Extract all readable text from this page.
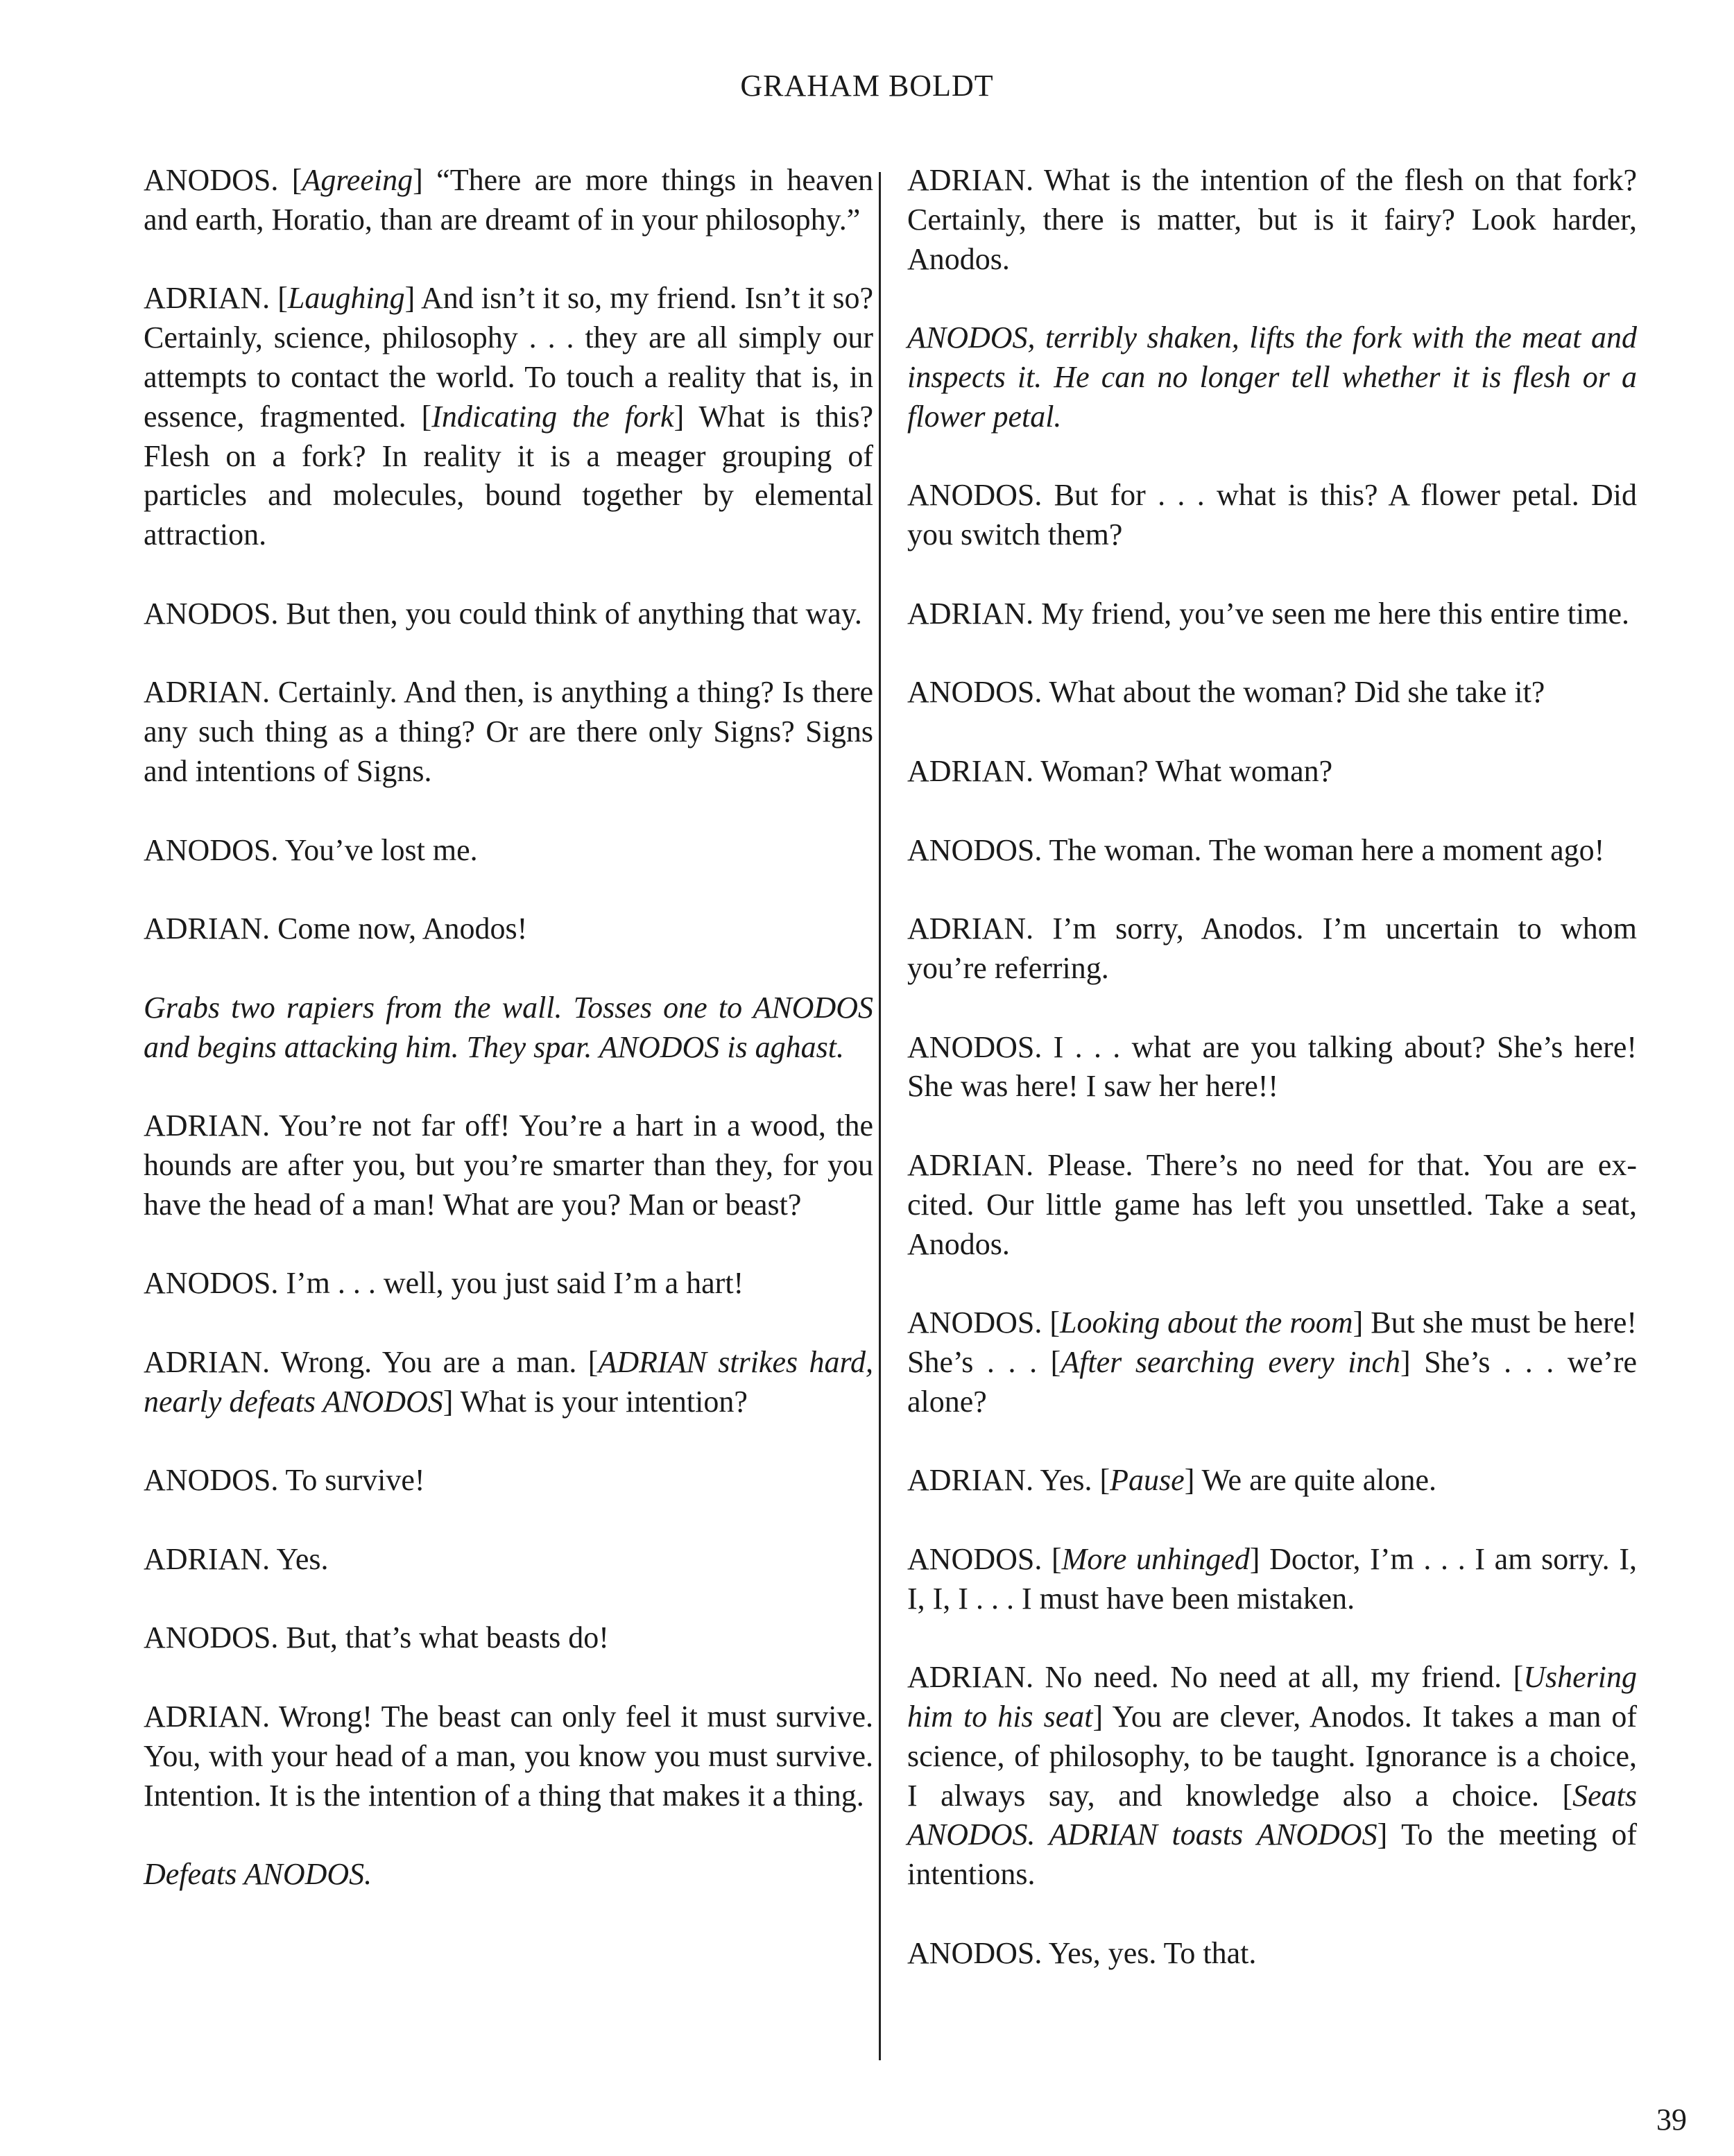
GRAHAM BOLDT

ANODOS. [Agreeing] “There are more things in heaven and earth, Horatio, than are dreamt of in your philosophy.”

ADRIAN. [Laughing] And isn’t it so, my friend. Isn’t it so? Certainly, science, philosophy . . . they are all simply our attempts to contact the world. To touch a reality that is, in essence, fragmented. [Indicating the fork] What is this? Flesh on a fork? In reality it is a meager grouping of particles and molecules, bound together by elemental attraction.

ANODOS. But then, you could think of anything that way.

ADRIAN. Certainly. And then, is anything a thing? Is there any such thing as a thing? Or are there only Signs? Signs and intentions of Signs.

ANODOS. You’ve lost me.

ADRIAN. Come now, Anodos!

Grabs two rapiers from the wall. Tosses one to ANODOS and begins attacking him. They spar. ANODOS is aghast.

ADRIAN. You’re not far off! You’re a hart in a wood, the hounds are after you, but you’re smarter than they, for you have the head of a man! What are you? Man or beast?

ANODOS. I’m . . . well, you just said I’m a hart!

ADRIAN. Wrong. You are a man. [ADRIAN strikes hard, nearly defeats ANODOS] What is your intention?

ANODOS. To survive!

ADRIAN. Yes.

ANODOS. But, that’s what beasts do!

ADRIAN. Wrong! The beast can only feel it must survive. You, with your head of a man, you know you must survive. Intention. It is the intention of a thing that makes it a thing.

Defeats ANODOS.

ADRIAN. What is the intention of the flesh on that fork? Certainly, there is matter, but is it fairy? Look harder, Anodos.

ANODOS, terribly shaken, lifts the fork with the meat and inspects it. He can no longer tell whether it is flesh or a flower petal.

ANODOS. But for . . . what is this? A flower petal. Did you switch them?

ADRIAN. My friend, you’ve seen me here this entire time.

ANODOS. What about the woman? Did she take it?

ADRIAN. Woman? What woman?

ANODOS. The woman. The woman here a moment ago!

ADRIAN. I’m sorry, Anodos. I’m uncertain to whom you’re referring.

ANODOS. I . . . what are you talking about? She’s here! She was here! I saw her here!!

ADRIAN. Please. There’s no need for that. You are excited. Our little game has left you unsettled. Take a seat, Anodos.

ANODOS. [Looking about the room] But she must be here! She’s . . . [After searching every inch] She’s . . . we’re alone?

ADRIAN. Yes. [Pause] We are quite alone.

ANODOS. [More unhinged] Doctor, I’m . . . I am sorry. I, I, I, I . . . I must have been mistaken.

ADRIAN. No need. No need at all, my friend. [Ushering him to his seat] You are clever, Anodos. It takes a man of science, of philosophy, to be taught. Ignorance is a choice, I always say, and knowledge also a choice. [Seats ANODOS. ADRIAN toasts ANODOS] To the meeting of intentions.

ANODOS. Yes, yes. To that.

39
